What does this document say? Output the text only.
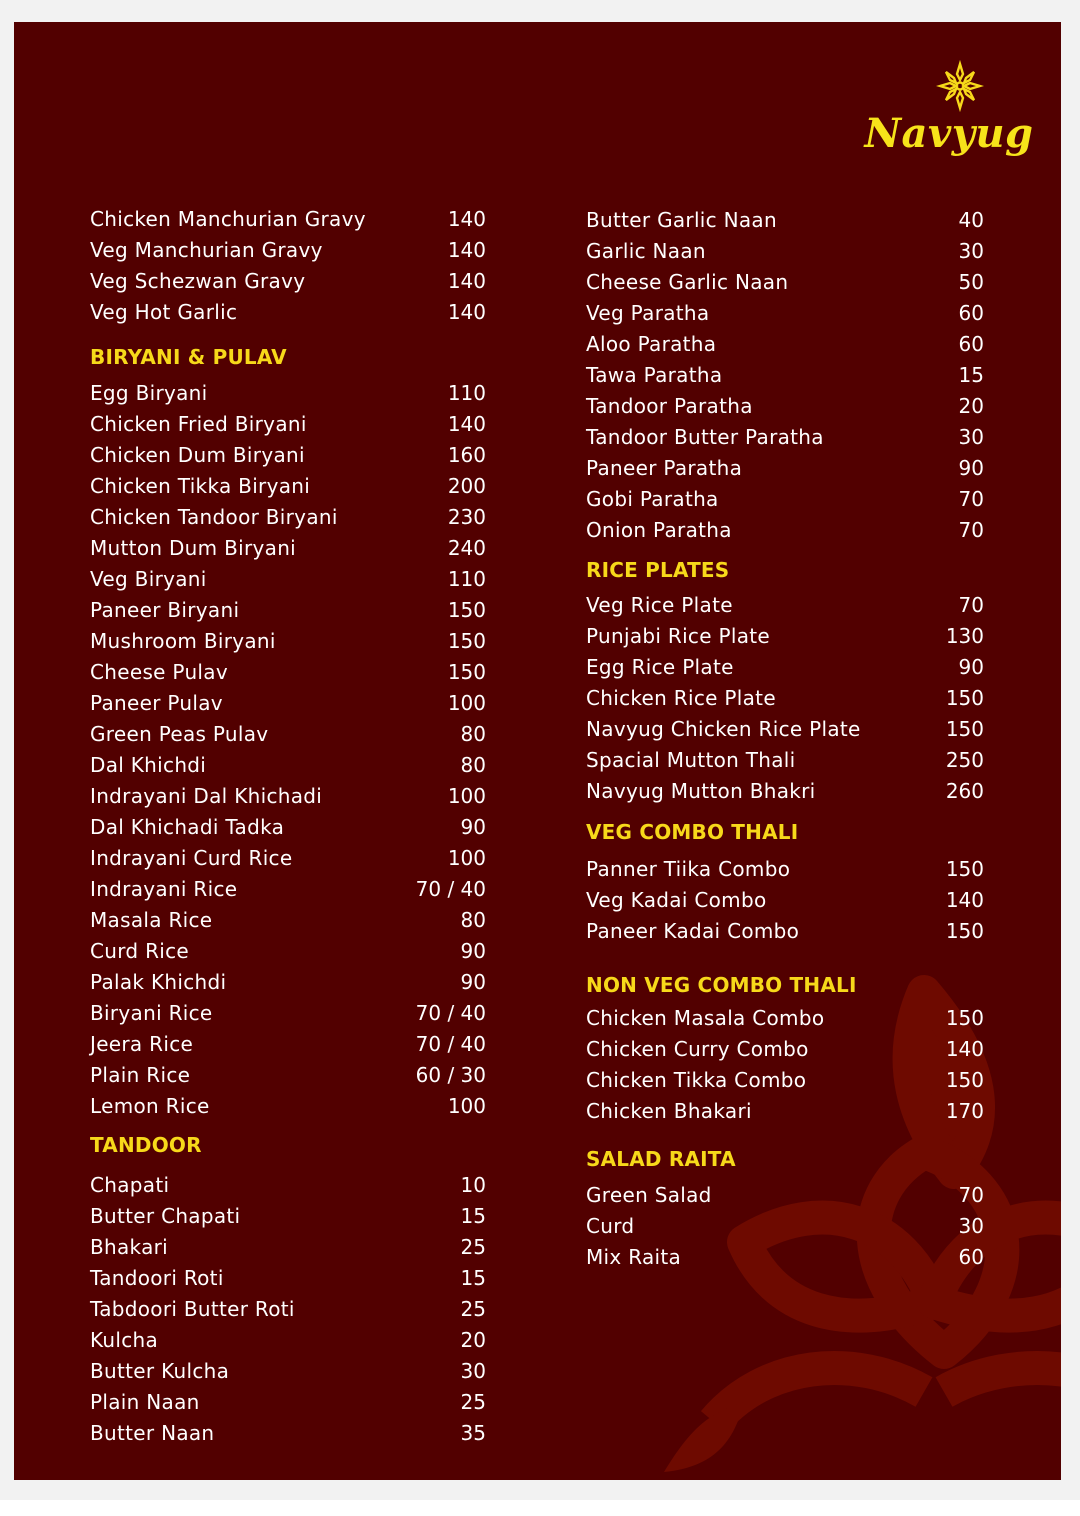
Navyug
Chicken Manchurian Gravy	140
Veg Manchurian Gravy	140
Veg Schezwan Gravy	140
Veg Hot Garlic	140
BIRYANI & PULAV
Egg Biryani	110
Chicken Fried Biryani	140
Chicken Dum Biryani	160
Chicken Tikka Biryani	200
Chicken Tandoor Biryani	230
Mutton Dum Biryani	240
Veg Biryani	110
Paneer Biryani	150
Mushroom Biryani	150
Cheese Pulav	150
Paneer Pulav	100
Green Peas Pulav	80
Dal Khichdi	80
Indrayani Dal Khichadi	100
Dal Khichadi Tadka	90
Indrayani Curd Rice	100
Indrayani Rice	70 / 40
Masala Rice	80
Curd Rice	90
Palak Khichdi	90
Biryani Rice	70 / 40
Jeera Rice	70 / 40
Plain Rice	60 / 30
Lemon Rice	100
TANDOOR
Chapati	10
Butter Chapati	15
Bhakari	25
Tandoori Roti	15
Tabdoori Butter Roti	25
Kulcha	20
Butter Kulcha	30
Plain Naan	25
Butter Naan	35
Butter Garlic Naan	40
Garlic Naan	30
Cheese Garlic Naan	50
Veg Paratha	60
Aloo Paratha	60
Tawa Paratha	15
Tandoor Paratha	20
Tandoor Butter Paratha	30
Paneer Paratha	90
Gobi Paratha	70
Onion Paratha	70
RICE PLATES
Veg Rice Plate	70
Punjabi Rice Plate	130
Egg Rice Plate	90
Chicken Rice Plate	150
Navyug Chicken Rice Plate	150
Spacial Mutton Thali	250
Navyug Mutton Bhakri	260
VEG COMBO THALI
Panner Tiika Combo	150
Veg Kadai Combo	140
Paneer Kadai Combo	150
NON VEG COMBO THALI
Chicken Masala Combo	150
Chicken Curry Combo	140
Chicken Tikka Combo	150
Chicken Bhakari	170
SALAD RAITA
Green Salad	70
Curd	30
Mix Raita	60
